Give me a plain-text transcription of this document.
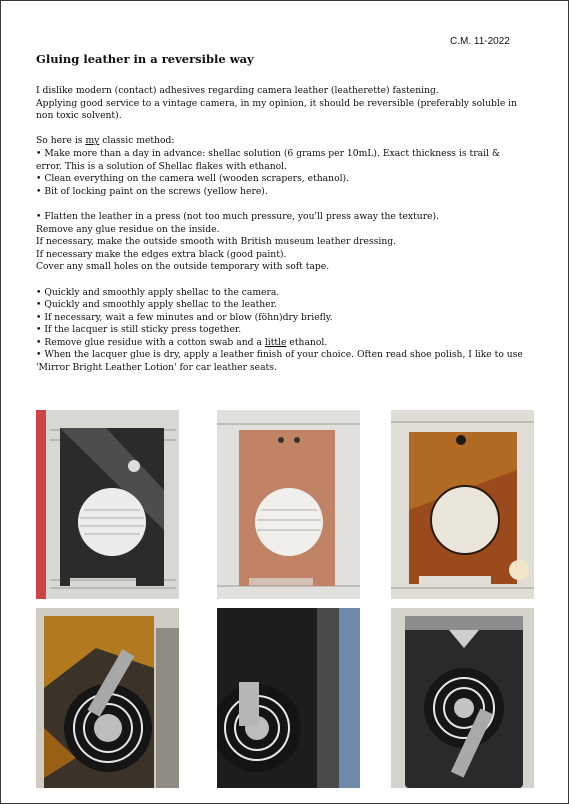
C.M. 11-2022
Gluing leather in a reversible way
I dislike modern (contact) adhesives regarding camera leather (leatherette) fastening.
Applying good service to a vintage camera, in my opinion, it should be reversible (preferably soluble in
non toxic solvent).
So here is my classic method:
• Make more than a day in advance: shellac solution (6 grams per 10mL). Exact thickness is trail &
error. This is a solution of Shellac flakes with ethanol.
• Clean everything on the camera well (wooden scrapers, ethanol).
• Bit of locking paint on the screws (yellow here).
• Flatten the leather in a press (not too much pressure, you'll press away the texture).
Remove any glue residue on the inside.
If necessary, make the outside smooth with British museum leather dressing.
If necessary make the edges extra black (good paint).
Cover any small holes on the outside temporary with soft tape.
• Quickly and smoothly apply shellac to the camera.
• Quickly and smoothly apply shellac to the leather.
• If necessary, wait a few minutes and or blow (föhn)dry briefly.
• If the lacquer is still sticky press together.
• Remove glue residue with a cotton swab and a little ethanol.
• When the lacquer glue is dry, apply a leather finish of your choice. Often read shoe polish, I like to use
'Mirror Bright Leather Lotion' for car leather seats.
